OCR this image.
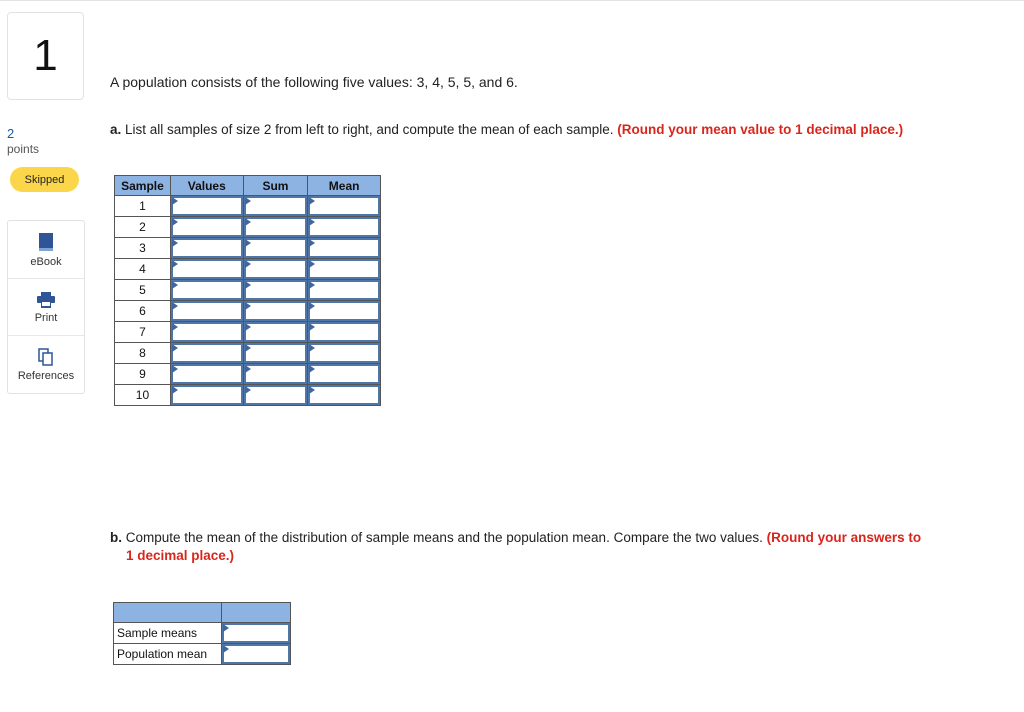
1
2
points
Skipped
eBook
Print
References
A population consists of the following five values: 3, 4, 5, 5, and 6.
a. List all samples of size 2 from left to right, and compute the mean of each sample. (Round your mean value to 1 decimal place.)
Sample	Values	Sum	Mean
1	

2	

3	

4	

5	

6	

7	

8	

9	

10	

b. Compute the mean of the distribution of sample means and the population mean. Compare the two values. (Round your answers to
1 decimal place.)

Sample means	

Population mean	
